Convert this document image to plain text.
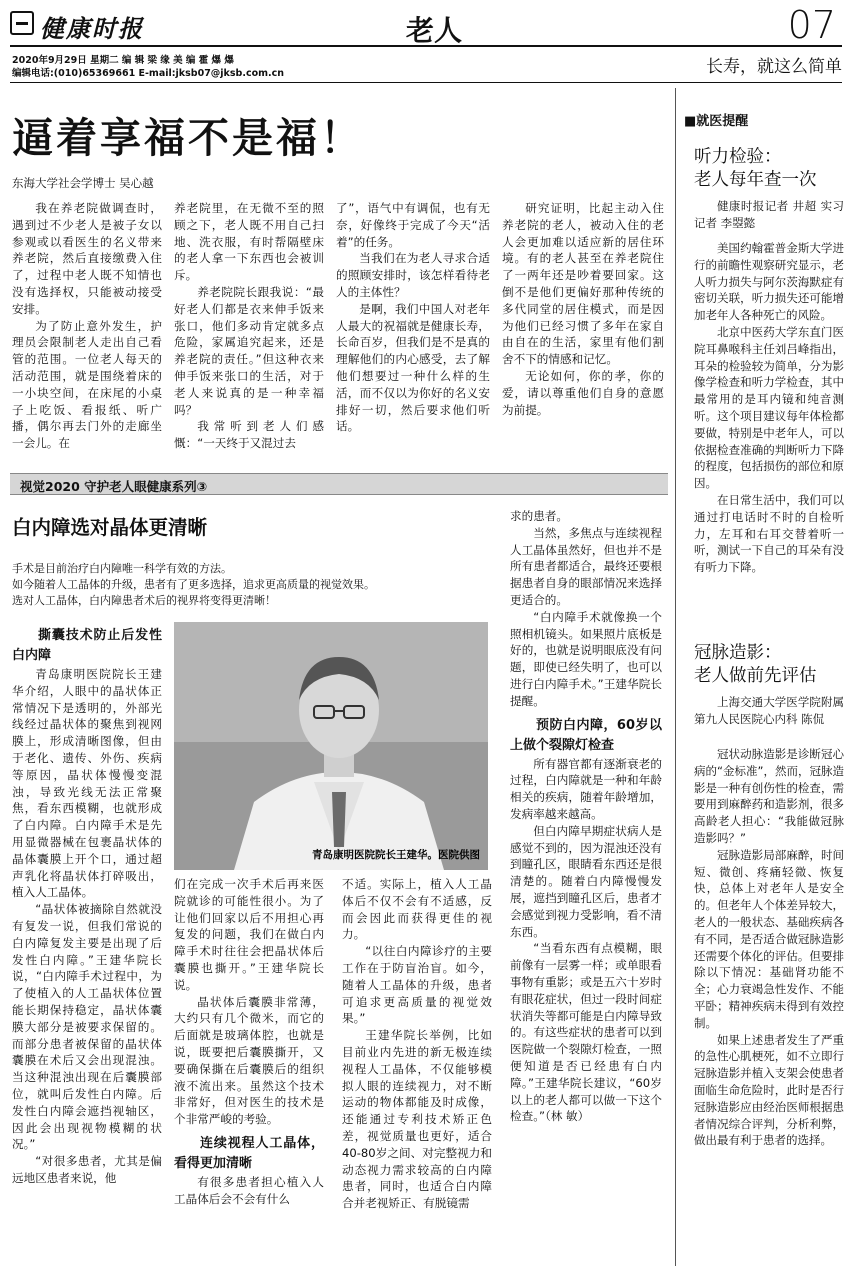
健康时报	老人	07
2020年9月29日 星期二 编 辑 梁 缘 美 编 霍 爆 爆
编辑电话:(010)65369661 E-mail:jksb07@jksb.com.cn	长寿，就这么简单
逼着享福不是福！
东海大学社会学博士 吴心越

我在养老院做调查时，遇到过不少老人是被子女以参观或以看医生的名义带来养老院，然后直接缴费入住了，过程中老人既不知情也没有选择权，只能被动接受安排。

为了防止意外发生，护理员会限制老人走出自己看管的范围。一位老人每天的活动范围，就是围绕着床的一小块空间，在床尾的小桌子上吃饭、看报纸、听广播，偶尔再去门外的走廊坐一会儿。在

养老院里，在无微不至的照顾之下，老人既不用自己扫地、洗衣服，有时帮隔壁床的老人拿一下东西也会被训斥。

养老院院长跟我说：“最好老人们都是衣来伸手饭来张口，他们多动肯定就多点危险，家属追究起来，还是养老院的责任。”但这种衣来伸手饭来张口的生活，对于老人来说真的是一种幸福吗？

我常听到老人们感慨：“一天终于又混过去

了”，语气中有调侃，也有无奈，好像终于完成了今天“活着”的任务。

当我们在为老人寻求合适的照顾安排时，该怎样看待老人的主体性？

是啊，我们中国人对老年人最大的祝福就是健康长寿，长命百岁，但我们是不是真的理解他们的内心感受，去了解他们想要过一种什么样的生活，而不仅以为你好的名义安排好一切，然后要求他们听话。

研究证明，比起主动入住养老院的老人，被动入住的老人会更加难以适应新的居住环境。有的老人甚至在养老院住了一两年还是吵着要回家。这倒不是他们更偏好那种传统的多代同堂的居住模式，而是因为他们已经习惯了多年在家自由自在的生活，家里有他们割舍不下的情感和记忆。

无论如何，你的孝，你的爱，请以尊重他们自身的意愿为前提。

视觉2020 守护老人眼健康系列③
白内障选对晶体更清晰
手术是目前治疗白内障唯一科学有效的方法。
如今随着人工晶体的升级，患者有了更多选择，追求更高质量的视觉效果。
选对人工晶体，白内障患者术后的视界将变得更清晰！
撕囊技术防止后发性白内障

青岛康明医院院长王建华介绍，人眼中的晶状体正常情况下是透明的，外部光线经过晶状体的聚焦到视网膜上，形成清晰图像，但由于老化、遗传、外伤、疾病等原因，晶状体慢慢变混浊，导致光线无法正常聚焦，看东西模糊，也就形成了白内障。白内障手术是先用显微器械在包裹晶状体的晶体囊膜上开个口，通过超声乳化将晶状体打碎吸出，植入人工晶体。

“晶状体被摘除自然就没有复发一说，但我们常说的白内障复发主要是出现了后发性白内障。”王建华院长说，“白内障手术过程中，为了使植入的人工晶状体位置能长期保持稳定，晶状体囊膜大部分是被要求保留的。而部分患者被保留的晶状体囊膜在术后又会出现混浊。当这种混浊出现在后囊膜部位，就叫后发性白内障。后发性白内障会遮挡视轴区，因此会出现视物模糊的状况。”

“对很多患者，尤其是偏远地区患者来说，他

青岛康明医院院长王建华。医院供图

们在完成一次手术后再来医院就诊的可能性很小。为了让他们回家以后不用担心再复发的问题，我们在做白内障手术时往往会把晶状体后囊膜也撕开。”王建华院长说。

晶状体后囊膜非常薄，大约只有几个微米，而它的后面就是玻璃体腔，也就是说，既要把后囊膜撕开，又要确保撕在后囊膜后的组织液不流出来。虽然这个技术非常好，但对医生的技术是个非常严峻的考验。

连续视程人工晶体，看得更加清晰

有很多患者担心植入人工晶体后会不会有什么

不适。实际上，植入人工晶体后不仅不会有不适感，反而会因此而获得更佳的视力。

“以往白内障诊疗的主要工作在于防盲治盲。如今，随着人工晶体的升级，患者可追求更高质量的视觉效果。”

王建华院长举例，比如目前业内先进的新无极连续视程人工晶体，不仅能够模拟人眼的连续视力，对不断运动的物体都能及时成像，还能通过专利技术矫正色差，视觉质量也更好，适合40-80岁之间、对完整视力和动态视力需求较高的白内障患者，同时，也适合白内障合并老视矫正、有脱镜需

求的患者。

当然，多焦点与连续视程人工晶体虽然好，但也并不是所有患者都适合，最终还要根据患者自身的眼部情况来选择更适合的。

“白内障手术就像换一个照相机镜头。如果照片底板是好的，也就是说明眼底没有问题，即使已经失明了，也可以进行白内障手术。”王建华院长提醒。

预防白内障，60岁以上做个裂隙灯检查

所有器官都有逐渐衰老的过程，白内障就是一种和年龄相关的疾病，随着年龄增加，发病率越来越高。

但白内障早期症状病人是感觉不到的，因为混浊还没有到瞳孔区，眼睛看东西还是很清楚的。随着白内障慢慢发展，遮挡到瞳孔区后，患者才会感觉到视力受影响，看不清东西。

“当看东西有点模糊，眼前像有一层雾一样；或单眼看事物有重影；或是五六十岁时有眼花症状，但过一段时间症状消失等都可能是白内障导致的。有这些症状的患者可以到医院做一个裂隙灯检查，一照便知道是否已经患有白内障。”王建华院长建议，“60岁以上的老人都可以做一下这个检查。”（林 敏）

■就医提醒
听力检验：
老人每年查一次
健康时报记者 井超 实习记者 李曌懿

美国约翰霍普金斯大学进行的前瞻性观察研究显示，老人听力损失与阿尔茨海默症有密切关联，听力损失还可能增加老年人各种死亡的风险。

北京中医药大学东直门医院耳鼻喉科主任刘吕峰指出，耳朵的检验较为简单，分为影像学检查和听力学检查，其中最常用的是耳内镜和纯音测听。这个项目建议每年体检都要做，特别是中老年人，可以依据检查准确的判断听力下降的程度，包括损伤的部位和原因。

在日常生活中，我们可以通过打电话时不时的自检听力，左耳和右耳交替着听一听，测试一下自己的耳朵有没有听力下降。

冠脉造影：
老人做前先评估
上海交通大学医学院附属第九人民医院心内科 陈侃

冠状动脉造影是诊断冠心病的“金标准”，然而，冠脉造影是一种有创伤性的检查，需要用到麻醉药和造影剂，很多高龄老人担心：“我能做冠脉造影吗？”

冠脉造影局部麻醉，时间短、微创、疼痛轻微、恢复快，总体上对老年人是安全的。但老年人个体差异较大，老人的一般状态、基础疾病各有不同，是否适合做冠脉造影还需要个体化的评估。但要排除以下情况：基础肾功能不全；心力衰竭急性发作、不能平卧；精神疾病未得到有效控制。

如果上述患者发生了严重的急性心肌梗死，如不立即行冠脉造影并植入支架会使患者面临生命危险时，此时是否行冠脉造影应由经治医师根据患者情况综合评判，分析利弊，做出最有利于患者的选择。
